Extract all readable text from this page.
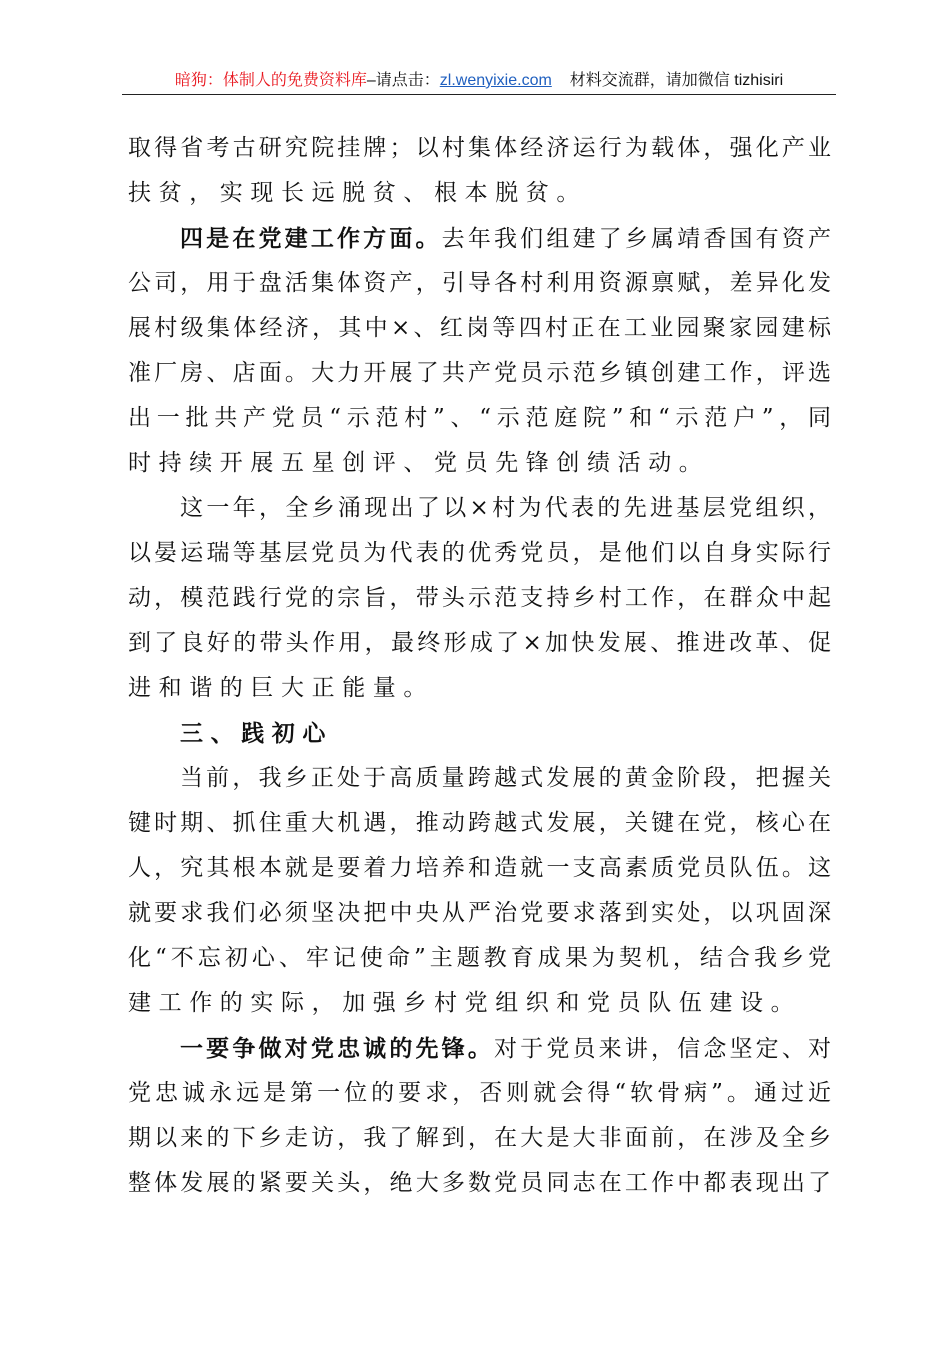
暗狗：体制人的免费资料库–请点击：zl.wenyixie.com 材料交流群，请加微信 tizhisiri
取得省考古研究院挂牌；以村集体经济运行为载体，强化产业
扶贫，实现长远脱贫、根本脱贫。
四是在党建工作方面。去年我们组建了乡属靖香国有资产
公司，用于盘活集体资产，引导各村利用资源禀赋，差异化发
展村级集体经济，其中×、红岗等四村正在工业园聚家园建标
准厂房、店面。大力开展了共产党员示范乡镇创建工作，评选
出一批共产党员“示范村”、“示范庭院”和“示范户”，同
时持续开展五星创评、党员先锋创绩活动。
这一年，全乡涌现出了以×村为代表的先进基层党组织，
以晏运瑞等基层党员为代表的优秀党员，是他们以自身实际行
动，模范践行党的宗旨，带头示范支持乡村工作，在群众中起
到了良好的带头作用，最终形成了×加快发展、推进改革、促
进和谐的巨大正能量。
三、践初心
当前，我乡正处于高质量跨越式发展的黄金阶段，把握关
键时期、抓住重大机遇，推动跨越式发展，关键在党，核心在
人，究其根本就是要着力培养和造就一支高素质党员队伍。这
就要求我们必须坚决把中央从严治党要求落到实处，以巩固深
化“不忘初心、牢记使命”主题教育成果为契机，结合我乡党
建工作的实际，加强乡村党组织和党员队伍建设。
一要争做对党忠诚的先锋。对于党员来讲，信念坚定、对
党忠诚永远是第一位的要求，否则就会得“软骨病”。通过近
期以来的下乡走访，我了解到，在大是大非面前，在涉及全乡
整体发展的紧要关头，绝大多数党员同志在工作中都表现出了
